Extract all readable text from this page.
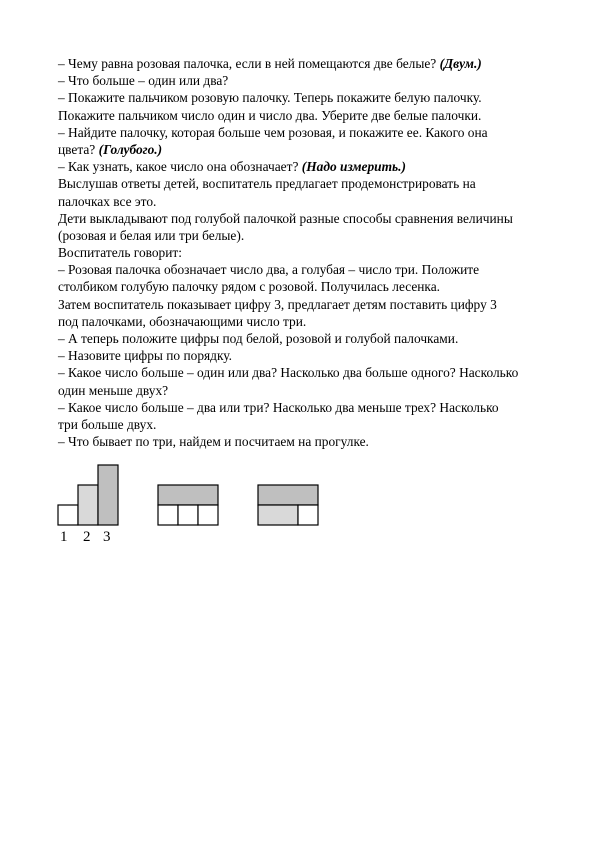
– Чему равна розовая палочка, если в ней помещаются две белые? (Двум.)
– Что больше – один или два?
– Покажите пальчиком розовую палочку. Теперь покажите белую палочку.
Покажите пальчиком число один и число два. Уберите две белые палочки.
– Найдите палочку, которая больше чем розовая, и покажите ее. Какого она
цвета? (Голубого.)
– Как узнать, какое число она обозначает? (Надо измерить.)
Выслушав ответы детей, воспитатель предлагает продемонстрировать на
палочках все это.
Дети выкладывают под голубой палочкой разные способы сравнения величины
(розовая и белая или три белые).
Воспитатель говорит:
– Розовая палочка обозначает число два, а голубая – число три. Положите
столбиком голубую палочку рядом с розовой. Получилась лесенка.
Затем воспитатель показывает цифру 3, предлагает детям поставить цифру 3
под палочками, обозначающими число три.
– А теперь положите цифры под белой, розовой и голубой палочками.
– Назовите цифры по порядку.
– Какое число больше – один или два? Насколько два больше одного? Насколько
один меньше двух?
– Какое число больше – два или три? Насколько два меньше трех? Насколько
три больше двух.
– Что бывает по три, найдем и посчитаем на прогулке.
1 2 3
